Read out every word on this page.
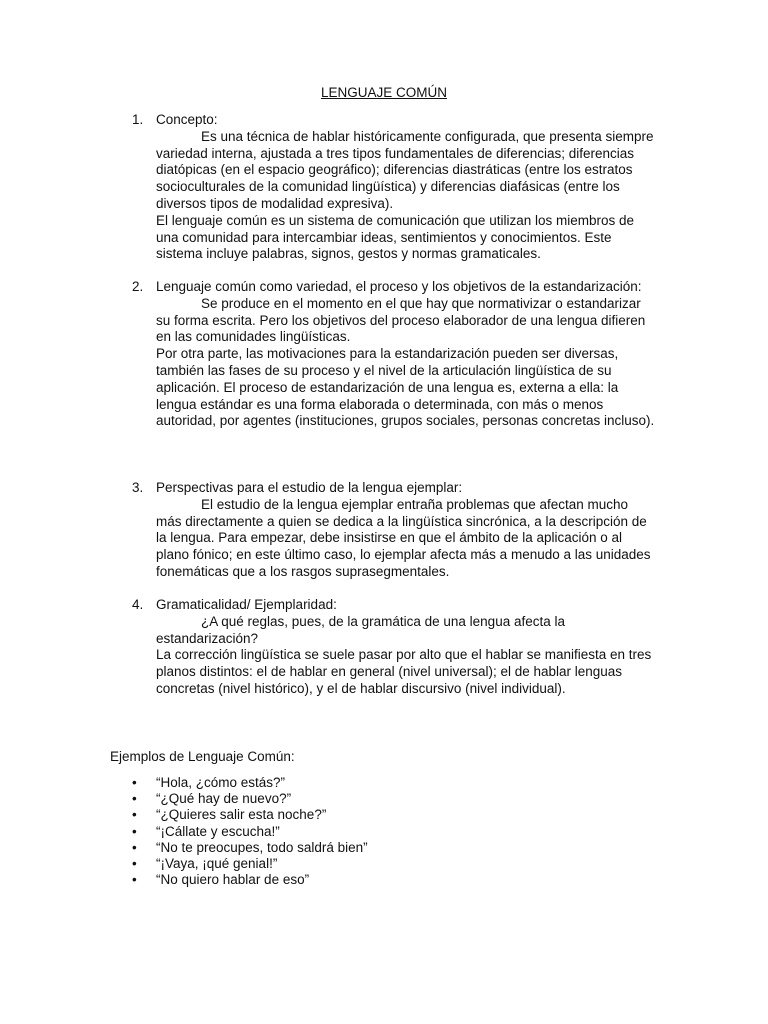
LENGUAJE COMÚN
1. Concepto:

Es una técnica de hablar históricamente configurada, que presenta siempre variedad interna, ajustada a tres tipos fundamentales de diferencias; diferencias diatópicas (en el espacio geográfico); diferencias diastráticas (entre los estratos socioculturales de la comunidad lingüística) y diferencias diafásicas (entre los diversos tipos de modalidad expresiva).

El lenguaje común es un sistema de comunicación que utilizan los miembros de una comunidad para intercambiar ideas, sentimientos y conocimientos. Este sistema incluye palabras, signos, gestos y normas gramaticales.

2. Lenguaje común como variedad, el proceso y los objetivos de la estandarización:

Se produce en el momento en el que hay que normativizar o estandarizar su forma escrita. Pero los objetivos del proceso elaborador de una lengua difieren en las comunidades lingüísticas.

Por otra parte, las motivaciones para la estandarización pueden ser diversas, también las fases de su proceso y el nivel de la articulación lingüística de su aplicación. El proceso de estandarización de una lengua es, externa a ella: la lengua estándar es una forma elaborada o determinada, con más o menos autoridad, por agentes (instituciones, grupos sociales, personas concretas incluso).

3. Perspectivas para el estudio de la lengua ejemplar:

El estudio de la lengua ejemplar entraña problemas que afectan mucho más directamente a quien se dedica a la lingüística sincrónica, a la descripción de la lengua. Para empezar, debe insistirse en que el ámbito de la aplicación o al plano fónico; en este último caso, lo ejemplar afecta más a menudo a las unidades fonemáticas que a los rasgos suprasegmentales.

4. Gramaticalidad/ Ejemplaridad:

¿A qué reglas, pues, de la gramática de una lengua afecta la estandarización?

La corrección lingüística se suele pasar por alto que el hablar se manifiesta en tres planos distintos: el de hablar en general (nivel universal); el de hablar lenguas concretas (nivel histórico), y el de hablar discursivo (nivel individual).

Ejemplos de Lenguaje Común:
• “Hola, ¿cómo estás?”
• “¿Qué hay de nuevo?”
• “¿Quieres salir esta noche?”
• “¡Cállate y escucha!”
• “No te preocupes, todo saldrá bien”
• “¡Vaya, ¡qué genial!”
• “No quiero hablar de eso”
